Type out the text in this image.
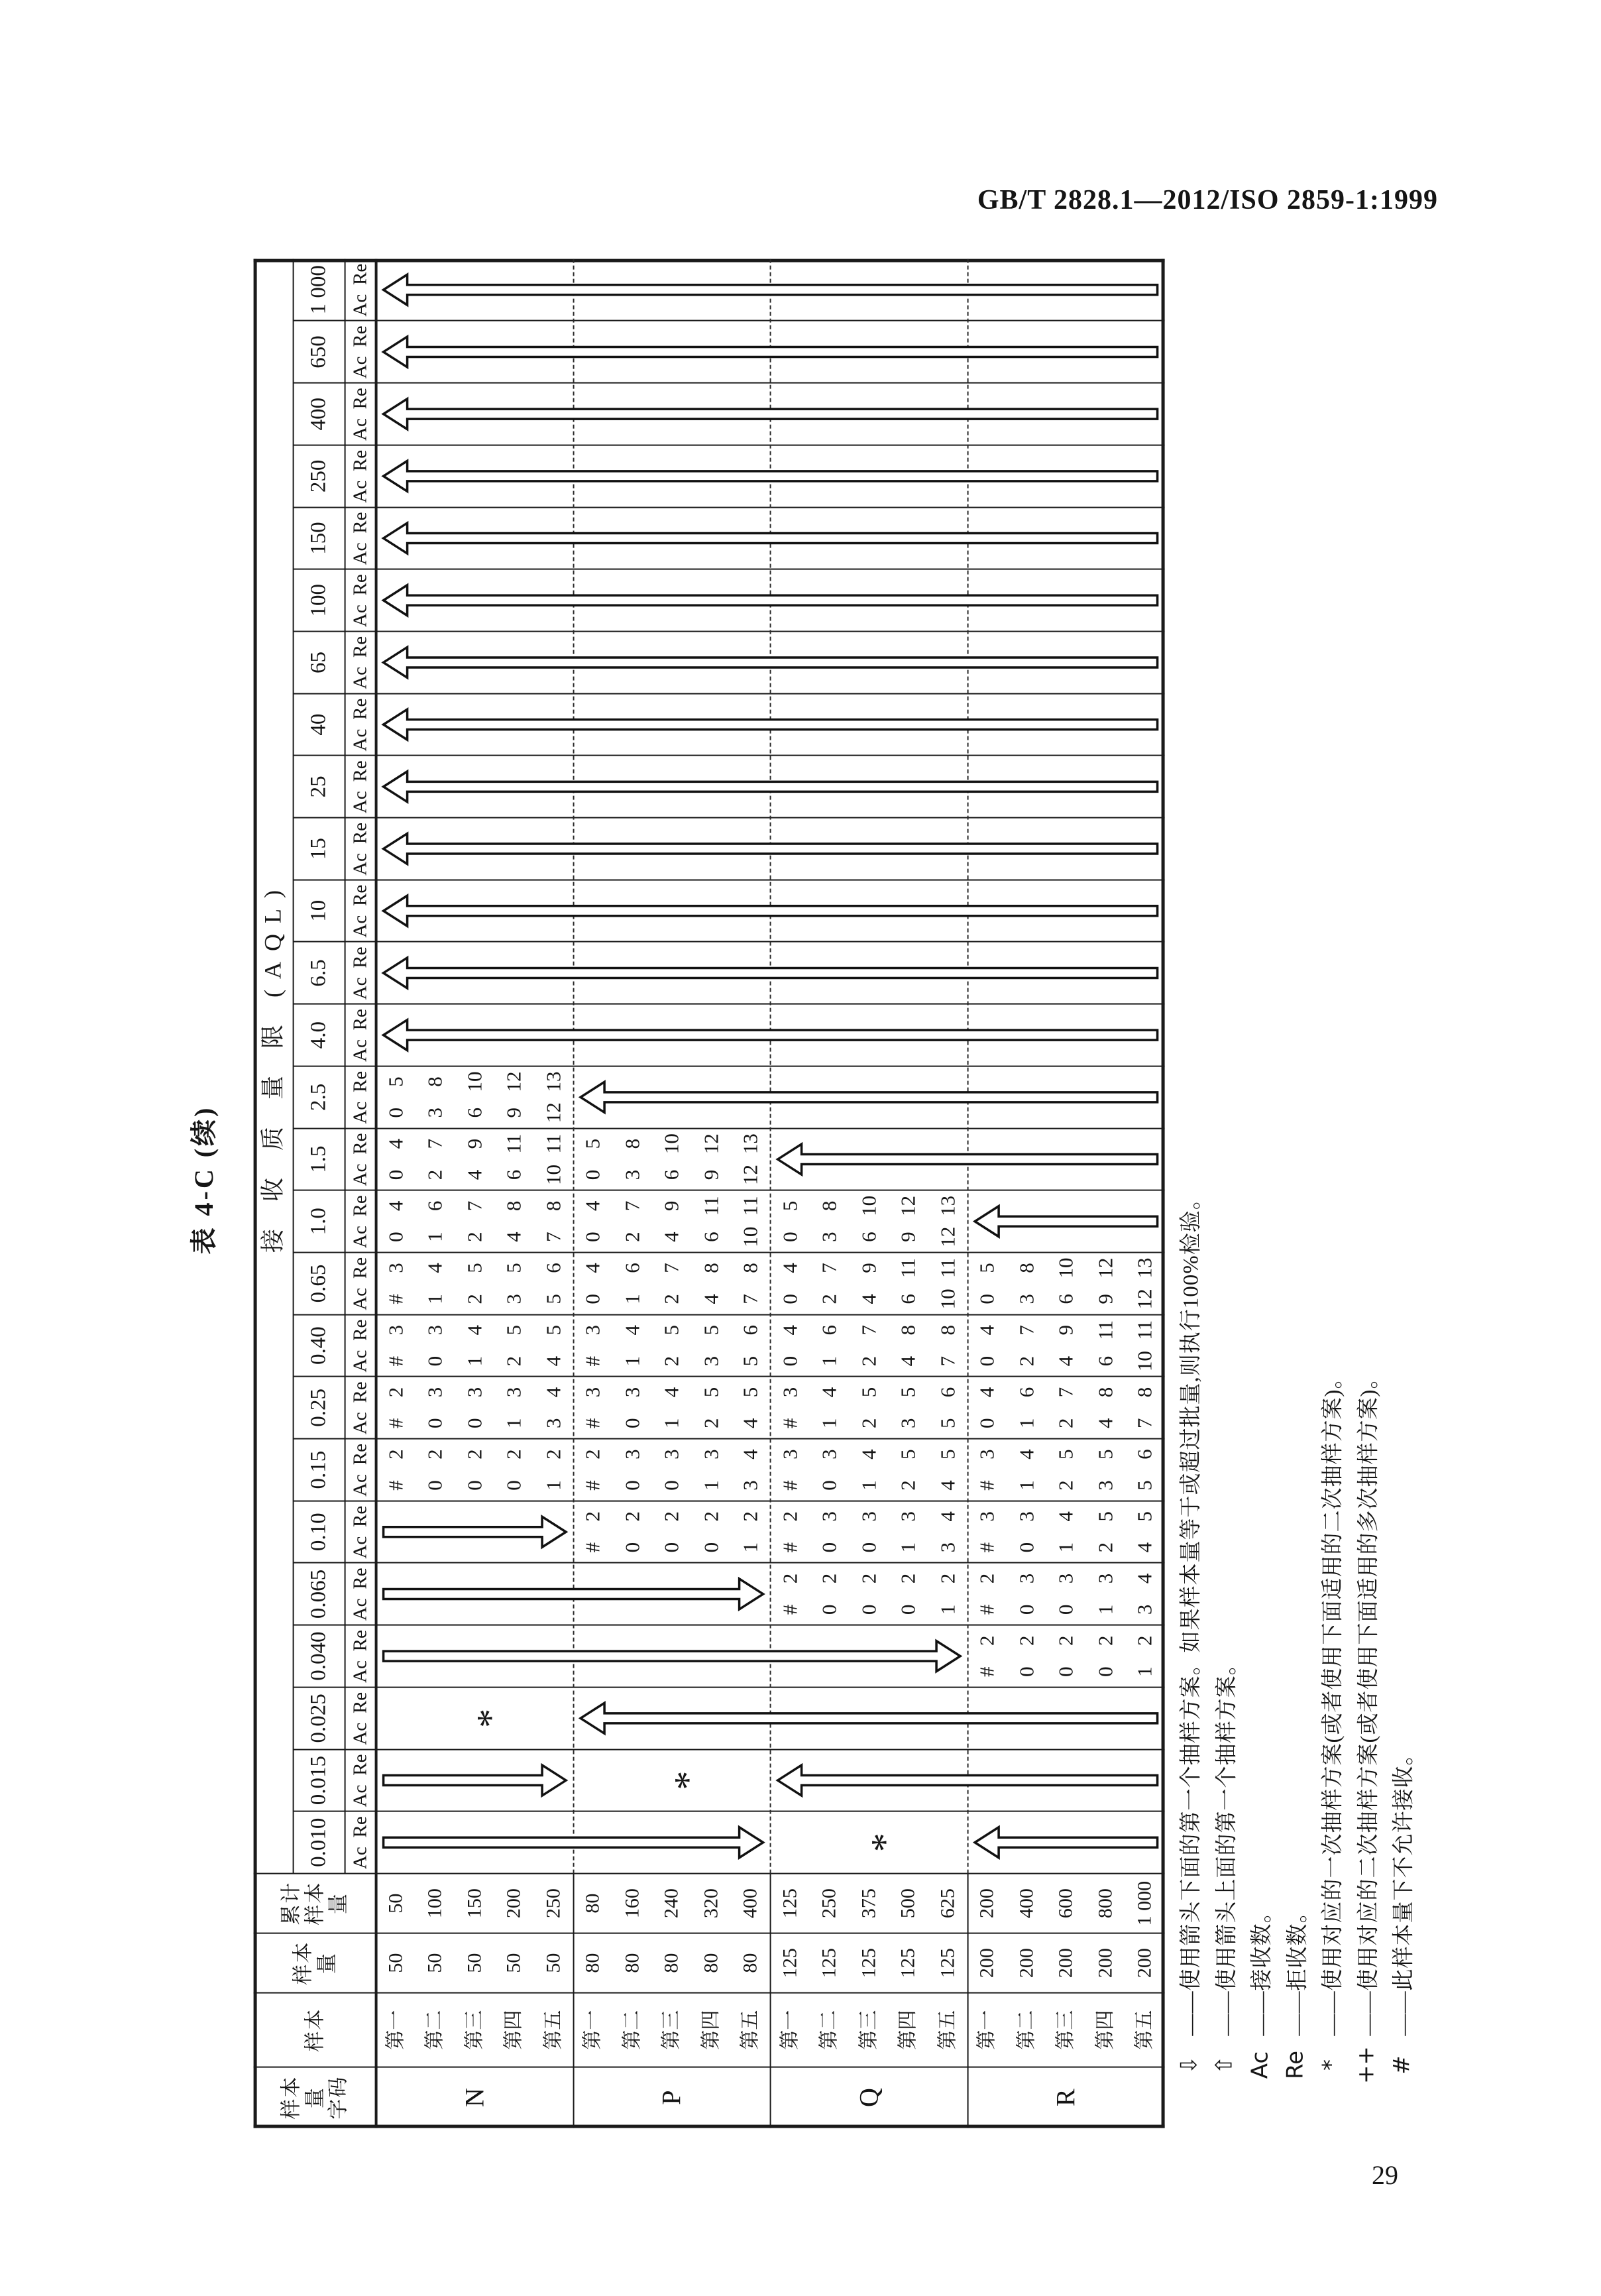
GB/T 2828.1—2012/ISO 2859-1:1999
表 4-C (续) 接 收 质 量 限 (AQL)
0.010 Ac
Re
0.015 Ac
Re
0.025 Ac
Re
0.040 Ac
Re
0.065 Ac
Re
0.10 Ac
Re
0.15 Ac
Re
0.25 Ac
Re
0.40 Ac
Re
0.65 Ac
Re
1.0
Ac
Re
1.5
Ac
Re
2.5
Ac
Re
4.0
Ac
Re
6.5
Ac
Re
10
Ac
Re
15
Ac
Re
25
Ac
Re
40
Ac
Re
65
Ac
Re
100 Ac
Re
150 Ac
Re
250 Ac
Re
400 Ac
Re
650 Ac
Re
1 000 Ac
Re
样本 量 字码
样本
样本 量
累计 样本 量
N
第一
50
50
第二
50
100
第三
50
150
第四
50
200
第五
50
250
0
5
3
8
6
10
9
12
12
13
0
4
2
7
4
9
6
11
10
11
0
4
1
6
2
7
4
8
7
8
#
3
1
4
2
5
3
5
5
6
#
3
0
3
1
4
2
5
4
5
#
2
0
3
0
3
1
3
3
4
#
2
0
2
0
2
0
2
1
2
P
第一
80
80
第二
80
160
第三
80
240
第四
80
320
第五
80
400
0
5
3
8
6
10
9
12
12
13
0
4
2
7
4
9
6
11
10
11
0
4
1
6
2
7
4
8
7
8
#
3
1
4
2
5
3
5
5
6
#
3
0
3
1
4
2
5
4
5
#
2
0
3
0
3
1
3
3
4
#
2
0
2
0
2
0
2
1
2
Q
第一
125
125
第二
125
250
第三
125
375
第四
125
500
第五
125
625
0
5
3
8
6
10
9
12
12
13
0
4
2
7
4
9
6
11
10
11
0
4
1
6
2
7
4
8
7
8
#
3
1
4
2
5
3
5
5
6
#
3
0
3
1
4
2
5
4
5
#
2
0
3
0
3
1
3
3
4
#
2
0
2
0
2
0
2
1
2
R
第一
200
200
第二
200
400
第三
200
600
第四
200
800
第五
200
1 000
0
5
3
8
6
10
9
12
12
13
0
4
2
7
4
9
6
11
10
11
0
4
1
6
2
7
4
8
7
8
#
3
1
4
2
5
3
5
5
6
#
3
0
3
1
4
2
5
4
5
#
2
0
3
0
3
1
3
3
4
#
2
0
2
0
2
0
2
1
2
*
*
*
⇩
——使用箭头下面的第一个抽样方案。如果样本量等于或超过批量,则执行100%检验。
⇧
——使用箭头上面的第一个抽样方案。
Ac
——接收数。
Re
——拒收数。
*
——使用对应的一次抽样方案(或者使用下面适用的二次抽样方案)。
++
——使用对应的二次抽样方案(或者使用下面适用的多次抽样方案)。
#
——此样本量下不允许接收。
29
